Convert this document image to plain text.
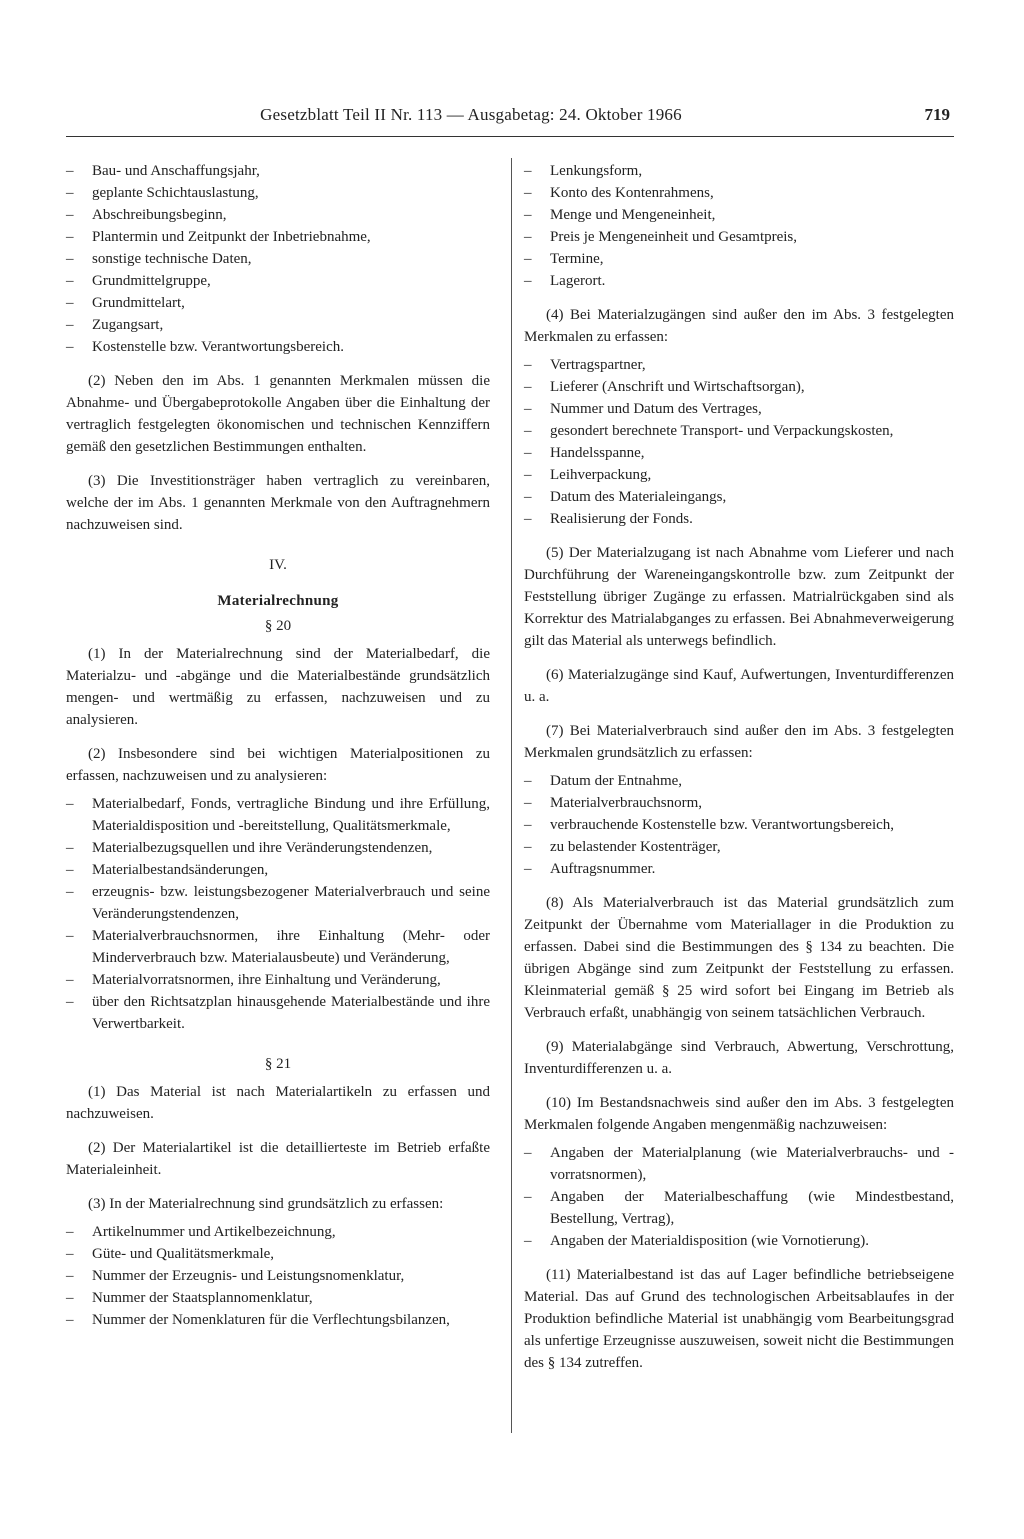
Gesetzblatt Teil II Nr. 113 — Ausgabetag: 24. Oktober 1966	719
– Bau- und Anschaffungsjahr,
– geplante Schichtauslastung,
– Abschreibungsbeginn,
– Plantermin und Zeitpunkt der Inbetriebnahme,
– sonstige technische Daten,
– Grundmittelgruppe,
– Grundmittelart,
– Zugangsart,
– Kostenstelle bzw. Verantwortungsbereich.
(2) Neben den im Abs. 1 genannten Merkmalen müssen die Abnahme- und Übergabeprotokolle Angaben über die Einhaltung der vertraglich festgelegten ökonomischen und technischen Kennziffern gemäß den gesetzlichen Bestimmungen enthalten.
(3) Die Investitionsträger haben vertraglich zu vereinbaren, welche der im Abs. 1 genannten Merkmale von den Auftragnehmern nachzuweisen sind.
IV.
Materialrechnung
§ 20
(1) In der Materialrechnung sind der Materialbedarf, die Materialzu- und -abgänge und die Materialbestände grundsätzlich mengen- und wertmäßig zu erfassen, nachzuweisen und zu analysieren.
(2) Insbesondere sind bei wichtigen Materialpositionen zu erfassen, nachzuweisen und zu analysieren:
– Materialbedarf, Fonds, vertragliche Bindung und ihre Erfüllung, Materialdisposition und -bereitstellung, Qualitätsmerkmale,
– Materialbezugsquellen und ihre Veränderungstendenzen,
– Materialbestandsänderungen,
– erzeugnis- bzw. leistungsbezogener Materialverbrauch und seine Veränderungstendenzen,
– Materialverbrauchsnormen, ihre Einhaltung (Mehr- oder Minderverbrauch bzw. Materialausbeute) und Veränderung,
– Materialvorratsnormen, ihre Einhaltung und Veränderung,
– über den Richtsatzplan hinausgehende Materialbestände und ihre Verwertbarkeit.
§ 21
(1) Das Material ist nach Materialartikeln zu erfassen und nachzuweisen.
(2) Der Materialartikel ist die detaillierteste im Betrieb erfaßte Materialeinheit.
(3) In der Materialrechnung sind grundsätzlich zu erfassen:
– Artikelnummer und Artikelbezeichnung,
– Güte- und Qualitätsmerkmale,
– Nummer der Erzeugnis- und Leistungsnomenklatur,
– Nummer der Staatsplannomenklatur,
– Nummer der Nomenklaturen für die Verflechtungsbilanzen,
– Lenkungsform,
– Konto des Kontenrahmens,
– Menge und Mengeneinheit,
– Preis je Mengeneinheit und Gesamtpreis,
– Termine,
– Lagerort.
(4) Bei Materialzugängen sind außer den im Abs. 3 festgelegten Merkmalen zu erfassen:
– Vertragspartner,
– Lieferer (Anschrift und Wirtschaftsorgan),
– Nummer und Datum des Vertrages,
– gesondert berechnete Transport- und Verpackungskosten,
– Handelsspanne,
– Leihverpackung,
– Datum des Materialeingangs,
– Realisierung der Fonds.
(5) Der Materialzugang ist nach Abnahme vom Lieferer und nach Durchführung der Wareneingangskontrolle bzw. zum Zeitpunkt der Feststellung übriger Zugänge zu erfassen. Matrialrückgaben sind als Korrektur des Matrialabganges zu erfassen. Bei Abnahmeverweigerung gilt das Material als unterwegs befindlich.
(6) Materialzugänge sind Kauf, Aufwertungen, Inventurdifferenzen u. a.
(7) Bei Materialverbrauch sind außer den im Abs. 3 festgelegten Merkmalen grundsätzlich zu erfassen:
– Datum der Entnahme,
– Materialverbrauchsnorm,
– verbrauchende Kostenstelle bzw. Verantwortungsbereich,
– zu belastender Kostenträger,
– Auftragsnummer.
(8) Als Materialverbrauch ist das Material grundsätzlich zum Zeitpunkt der Übernahme vom Materiallager in die Produktion zu erfassen. Dabei sind die Bestimmungen des § 134 zu beachten. Die übrigen Abgänge sind zum Zeitpunkt der Feststellung zu erfassen. Kleinmaterial gemäß § 25 wird sofort bei Eingang im Betrieb als Verbrauch erfaßt, unabhängig von seinem tatsächlichen Verbrauch.
(9) Materialabgänge sind Verbrauch, Abwertung, Verschrottung, Inventurdifferenzen u. a.
(10) Im Bestandsnachweis sind außer den im Abs. 3 festgelegten Merkmalen folgende Angaben mengenmäßig nachzuweisen:
– Angaben der Materialplanung (wie Materialverbrauchs- und -vorratsnormen),
– Angaben der Materialbeschaffung (wie Mindestbestand, Bestellung, Vertrag),
– Angaben der Materialdisposition (wie Vornotierung).
(11) Materialbestand ist das auf Lager befindliche betriebseigene Material. Das auf Grund des technologischen Arbeitsablaufes in der Produktion befindliche Material ist unabhängig vom Bearbeitungsgrad als unfertige Erzeugnisse auszuweisen, soweit nicht die Bestimmungen des § 134 zutreffen.
